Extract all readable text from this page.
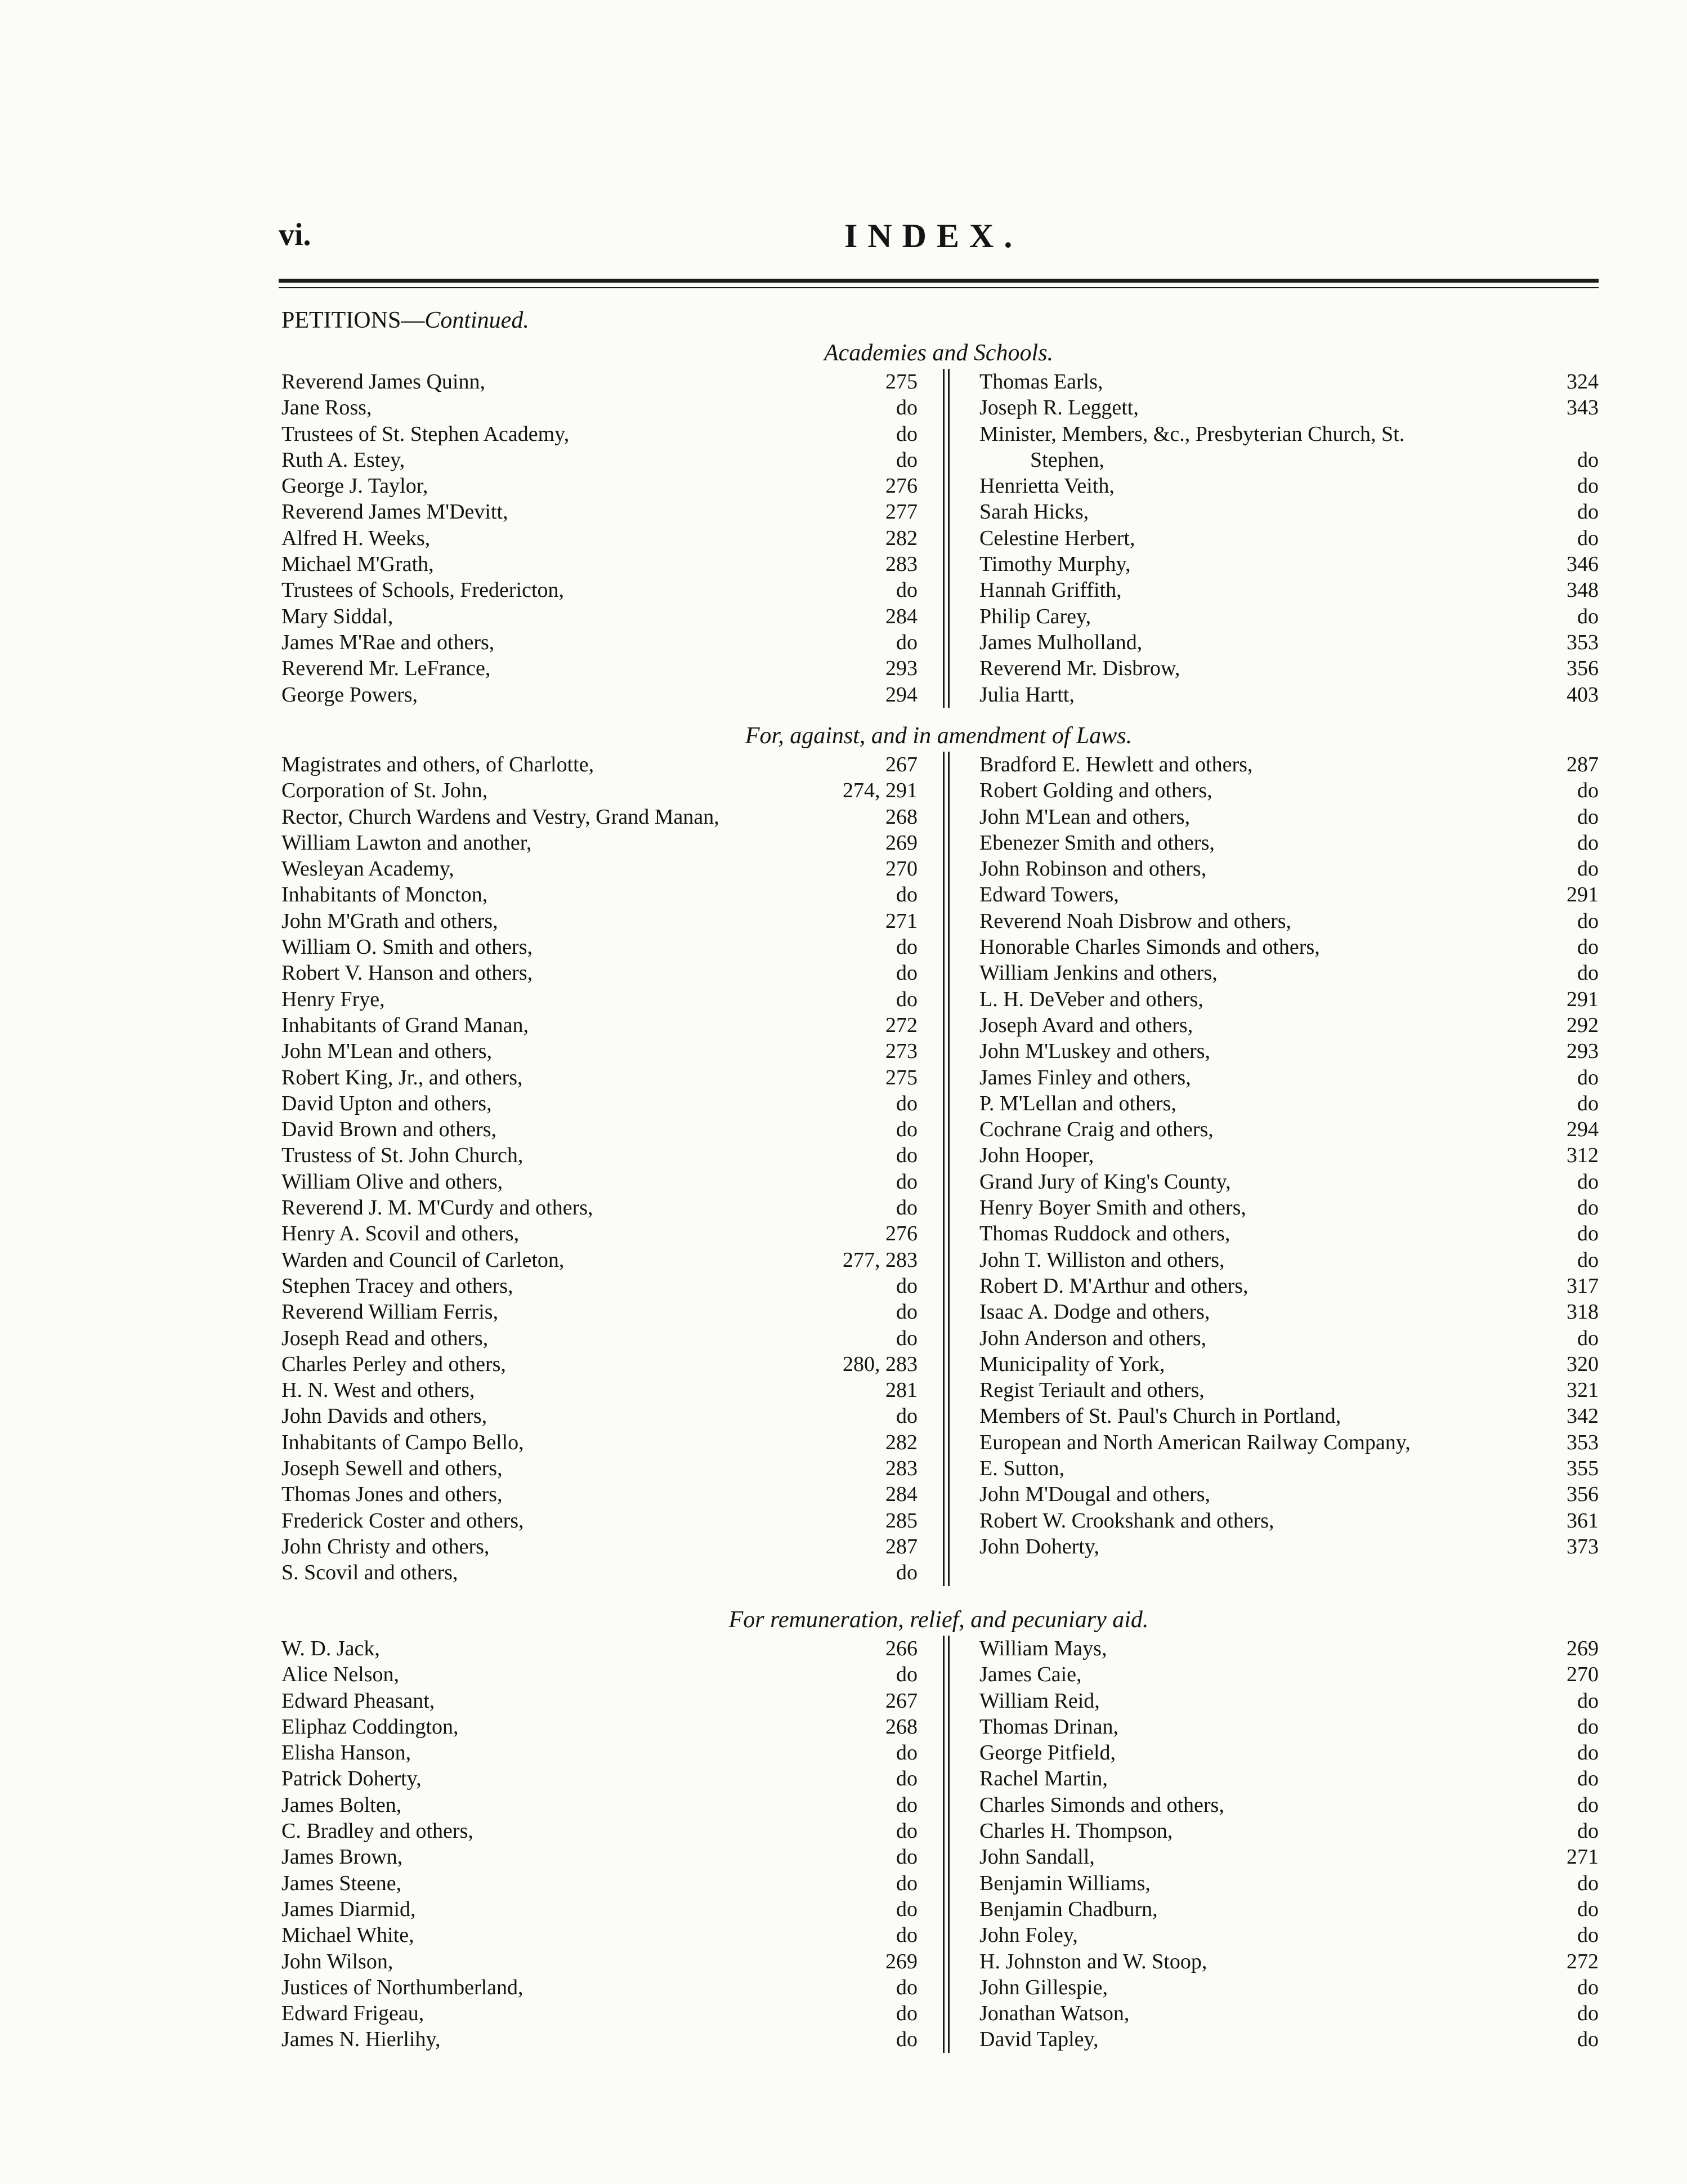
vi.	INDEX.
PETITIONS—Continued.
Academies and Schools.
Reverend James Quinn,	275
Jane Ross,	do
Trustees of St. Stephen Academy,	do
Ruth A. Estey,	do
George J. Taylor,	276
Reverend James M'Devitt,	277
Alfred H. Weeks,	282
Michael M'Grath,	283
Trustees of Schools, Fredericton,	do
Mary Siddal,	284
James M'Rae and others,	do
Reverend Mr. LeFrance,	293
George Powers,	294
Thomas Earls,	324
Joseph R. Leggett,	343
Minister, Members, &c., Presbyterian Church, St.
Stephen,	do
Henrietta Veith,	do
Sarah Hicks,	do
Celestine Herbert,	do
Timothy Murphy,	346
Hannah Griffith,	348
Philip Carey,	do
James Mulholland,	353
Reverend Mr. Disbrow,	356
Julia Hartt,	403
For, against, and in amendment of Laws.
Magistrates and others, of Charlotte,	267
Corporation of St. John,	274, 291
Rector, Church Wardens and Vestry, Grand Manan,	268
William Lawton and another,	269
Wesleyan Academy,	270
Inhabitants of Moncton,	do
John M'Grath and others,	271
William O. Smith and others,	do
Robert V. Hanson and others,	do
Henry Frye,	do
Inhabitants of Grand Manan,	272
John M'Lean and others,	273
Robert King, Jr., and others,	275
David Upton and others,	do
David Brown and others,	do
Trustess of St. John Church,	do
William Olive and others,	do
Reverend J. M. M'Curdy and others,	do
Henry A. Scovil and others,	276
Warden and Council of Carleton,	277, 283
Stephen Tracey and others,	do
Reverend William Ferris,	do
Joseph Read and others,	do
Charles Perley and others,	280, 283
H. N. West and others,	281
John Davids and others,	do
Inhabitants of Campo Bello,	282
Joseph Sewell and others,	283
Thomas Jones and others,	284
Frederick Coster and others,	285
John Christy and others,	287
S. Scovil and others,	do
Bradford E. Hewlett and others,	287
Robert Golding and others,	do
John M'Lean and others,	do
Ebenezer Smith and others,	do
John Robinson and others,	do
Edward Towers,	291
Reverend Noah Disbrow and others,	do
Honorable Charles Simonds and others,	do
William Jenkins and others,	do
L. H. DeVeber and others,	291
Joseph Avard and others,	292
John M'Luskey and others,	293
James Finley and others,	do
P. M'Lellan and others,	do
Cochrane Craig and others,	294
John Hooper,	312
Grand Jury of King's County,	do
Henry Boyer Smith and others,	do
Thomas Ruddock and others,	do
John T. Williston and others,	do
Robert D. M'Arthur and others,	317
Isaac A. Dodge and others,	318
John Anderson and others,	do
Municipality of York,	320
Regist Teriault and others,	321
Members of St. Paul's Church in Portland,	342
European and North American Railway Company,	353
E. Sutton,	355
John M'Dougal and others,	356
Robert W. Crookshank and others,	361
John Doherty,	373
For remuneration, relief, and pecuniary aid.
W. D. Jack,	266
Alice Nelson,	do
Edward Pheasant,	267
Eliphaz Coddington,	268
Elisha Hanson,	do
Patrick Doherty,	do
James Bolten,	do
C. Bradley and others,	do
James Brown,	do
James Steene,	do
James Diarmid,	do
Michael White,	do
John Wilson,	269
Justices of Northumberland,	do
Edward Frigeau,	do
James N. Hierlihy,	do
William Mays,	269
James Caie,	270
William Reid,	do
Thomas Drinan,	do
George Pitfield,	do
Rachel Martin,	do
Charles Simonds and others,	do
Charles H. Thompson,	do
John Sandall,	271
Benjamin Williams,	do
Benjamin Chadburn,	do
John Foley,	do
H. Johnston and W. Stoop,	272
John Gillespie,	do
Jonathan Watson,	do
David Tapley,	do
